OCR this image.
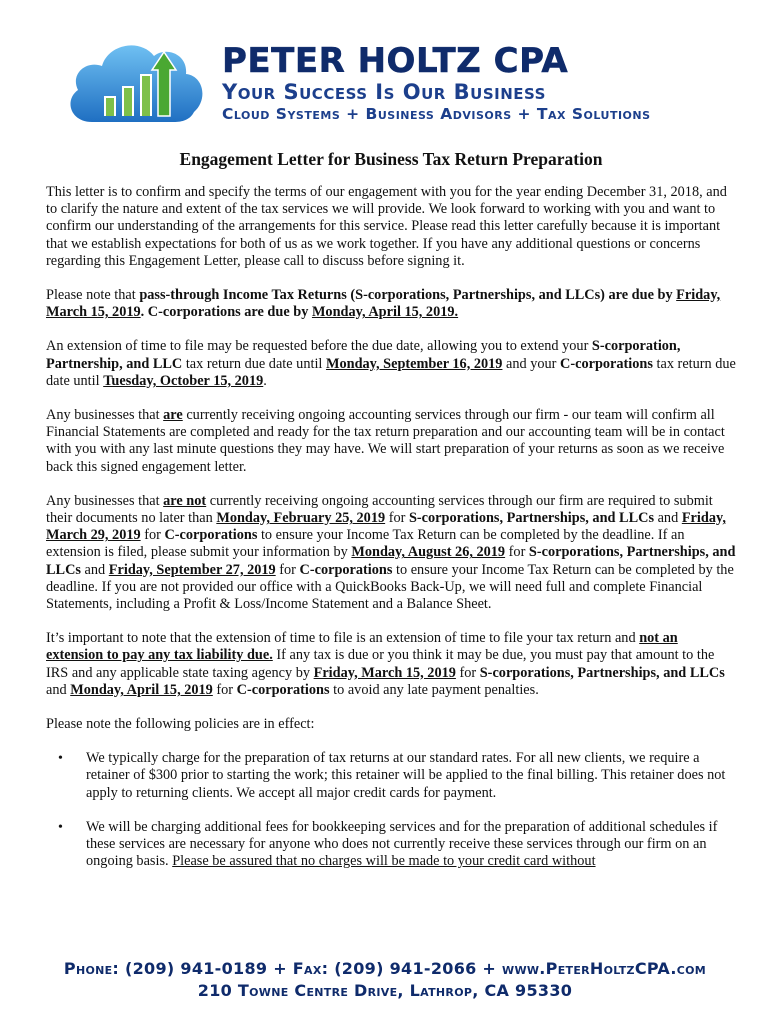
PETER HOLTZ CPA
Your Success Is Our Business
Cloud Systems + Business Advisors + Tax Solutions
Engagement Letter for Business Tax Return Preparation

This letter is to confirm and specify the terms of our engagement with you for the year ending December 31, 2018, and to clarify the nature and extent of the tax services we will provide. We look forward to working with you and want to confirm our understanding of the arrangements for this service. Please read this letter carefully because it is important that we establish expectations for both of us as we work together. If you have any additional questions or concerns regarding this Engagement Letter, please call to discuss before signing it.

Please note that pass-through Income Tax Returns (S-corporations, Partnerships, and LLCs) are due by Friday, March 15, 2019. C-corporations are due by Monday, April 15, 2019.

An extension of time to file may be requested before the due date, allowing you to extend your S-corporation, Partnership, and LLC tax return due date until Monday, September 16, 2019 and your C-corporations tax return due date until Tuesday, October 15, 2019.

Any businesses that are currently receiving ongoing accounting services through our firm - our team will confirm all Financial Statements are completed and ready for the tax return preparation and our accounting team will be in contact with you with any last minute questions they may have. We will start preparation of your returns as soon as we receive back this signed engagement letter.

Any businesses that are not currently receiving ongoing accounting services through our firm are required to submit their documents no later than Monday, February 25, 2019 for S-corporations, Partnerships, and LLCs and Friday, March 29, 2019 for C-corporations to ensure your Income Tax Return can be completed by the deadline. If an extension is filed, please submit your information by Monday, August 26, 2019 for S-corporations, Partnerships, and LLCs and Friday, September 27, 2019 for C-corporations to ensure your Income Tax Return can be completed by the deadline. If you are not provided our office with a QuickBooks Back-Up, we will need full and complete Financial Statements, including a Profit & Loss/Income Statement and a Balance Sheet.

It’s important to note that the extension of time to file is an extension of time to file your tax return and not an extension to pay any tax liability due. If any tax is due or you think it may be due, you must pay that amount to the IRS and any applicable state taxing agency by Friday, March 15, 2019 for S-corporations, Partnerships, and LLCs and Monday, April 15, 2019 for C-corporations to avoid any late payment penalties.

Please note the following policies are in effect:

• We typically charge for the preparation of tax returns at our standard rates. For all new clients, we require a retainer of $300 prior to starting the work; this retainer will be applied to the final billing. This retainer does not apply to returning clients. We accept all major credit cards for payment.
• We will be charging additional fees for bookkeeping services and for the preparation of additional schedules if these services are necessary for anyone who does not currently receive these services through our firm on an ongoing basis. Please be assured that no charges will be made to your credit card without
Phone: (209) 941-0189 + Fax: (209) 941-2066 + www.PeterHoltzCPA.com
210 Towne Centre Drive, Lathrop, CA 95330
